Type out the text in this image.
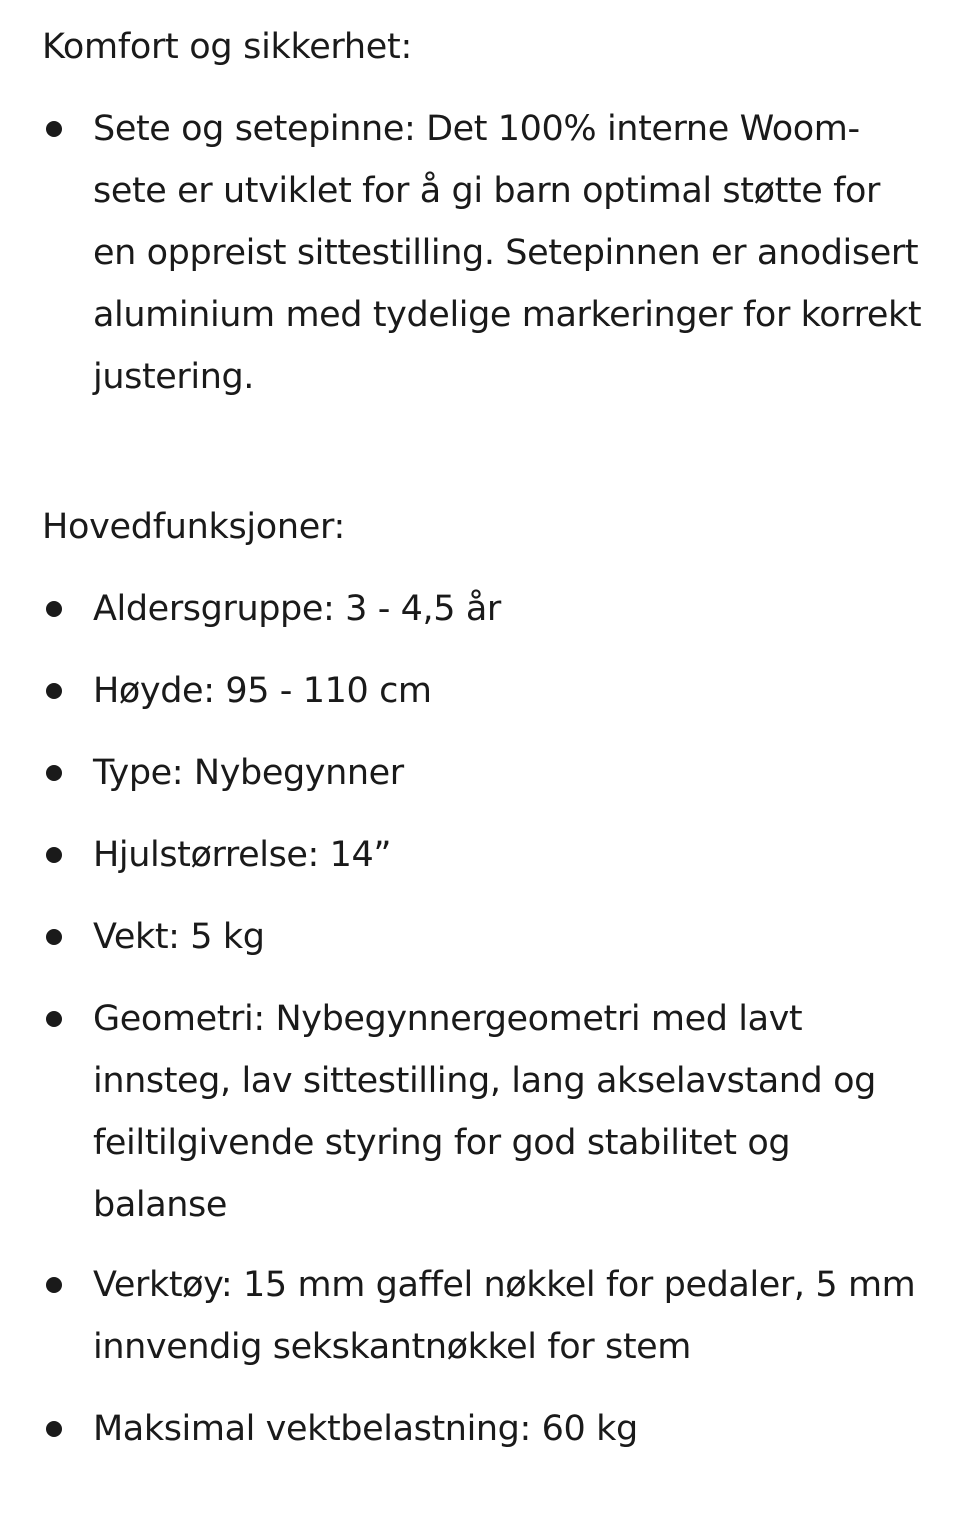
Komfort og sikkerhet:
Sete og setepinne: Det 100% interne Woom-sete er utviklet for å gi barn optimal støtte for en oppreist sittestilling. Setepinnen er anodisert aluminium med tydelige markeringer for korrekt justering.
Hovedfunksjoner:
Aldersgruppe: 3 - 4,5 år
Høyde: 95 - 110 cm
Type: Nybegynner
Hjulstørrelse: 14”
Vekt: 5 kg
Geometri: Nybegynnergeometri med lavt innsteg, lav sittestilling, lang akselavstand og feiltilgivende styring for god stabilitet og balanse
Verktøy: 15 mm gaffel nøkkel for pedaler, 5 mm innvendig sekskantnøkkel for stem
Maksimal vektbelastning: 60 kg
